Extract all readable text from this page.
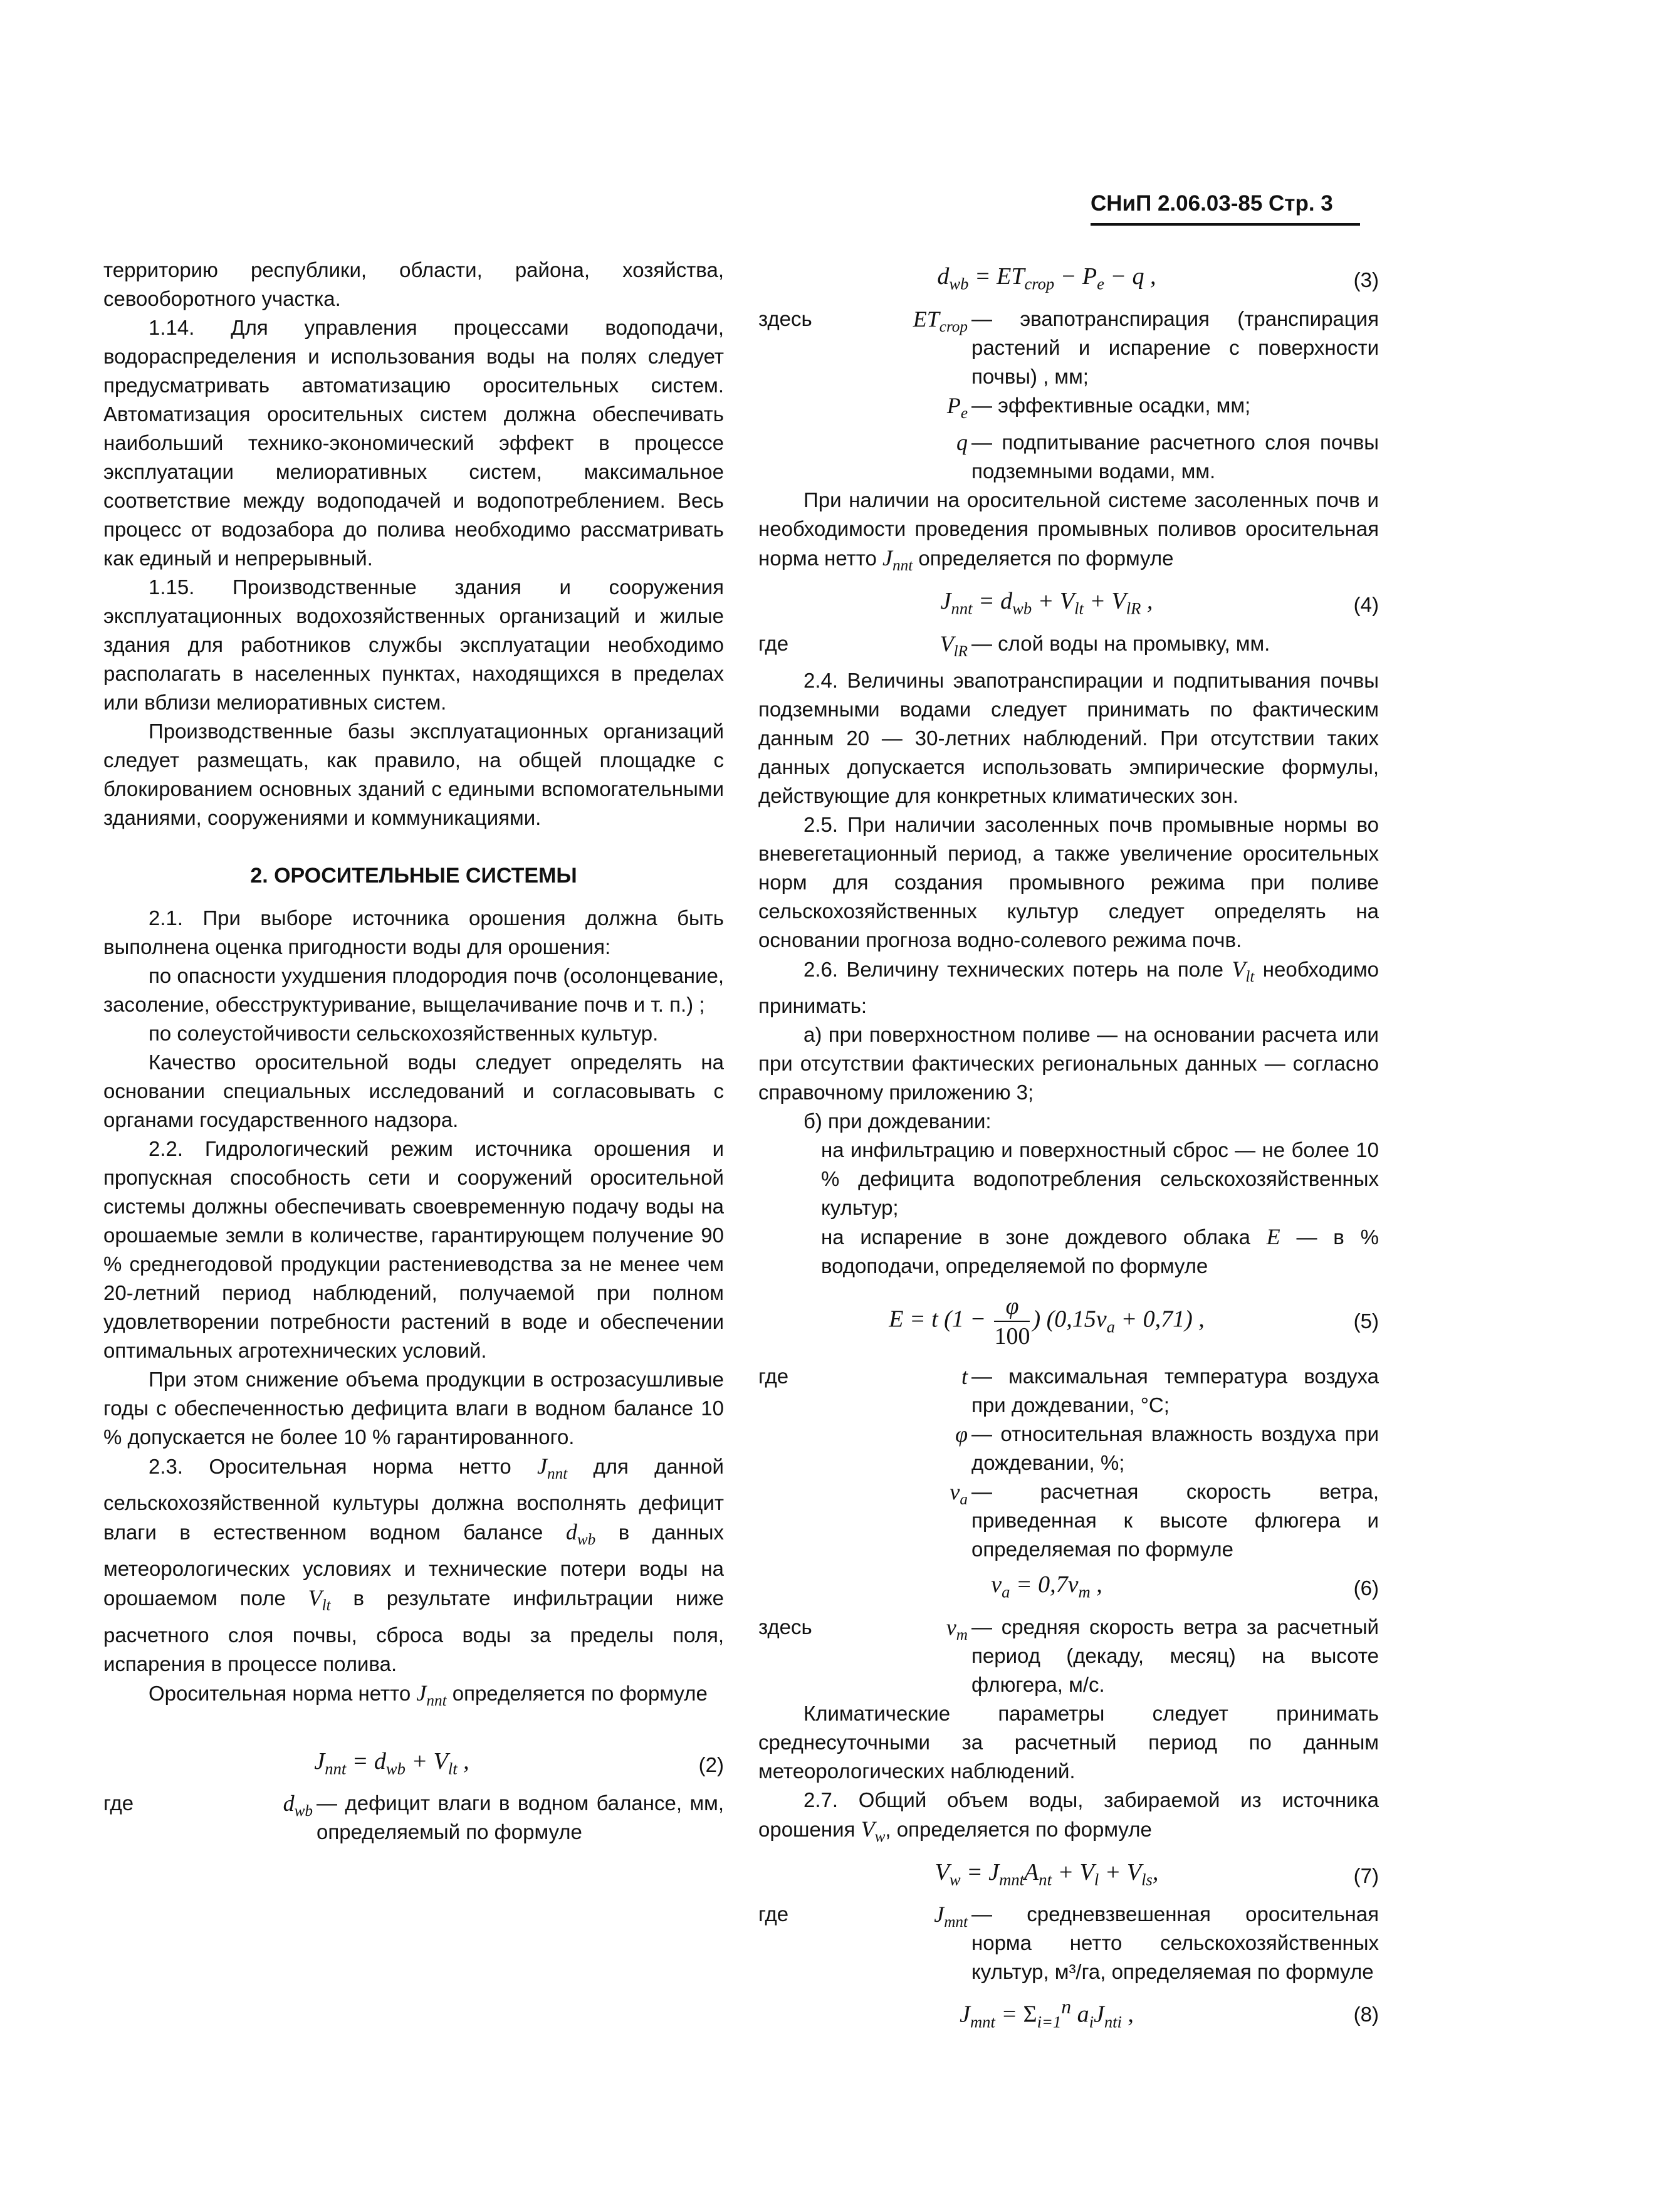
СНиП 2.06.03-85 Стр. 3

территорию республики, области, района, хозяйства, севооборотного участка.

1.14. Для управления процессами водоподачи, водораспределения и использования воды на полях следует предусматривать автоматизацию оросительных систем. Автоматизация оросительных систем должна обеспечивать наибольший технико-экономический эффект в процессе эксплуатации мелиоративных систем, максимальное соответствие между водоподачей и водопотреблением. Весь процесс от водозабора до полива необходимо рассматривать как единый и непрерывный.

1.15. Производственные здания и сооружения эксплуатационных водохозяйственных организаций и жилые здания для работников службы эксплуатации необходимо располагать в населенных пунктах, находящихся в пределах или вблизи мелиоративных систем.

Производственные базы эксплуатационных организаций следует размещать, как правило, на общей площадке с блокированием основных зданий с едиными вспомогательными зданиями, сооружениями и коммуникациями.

2. ОРОСИТЕЛЬНЫЕ СИСТЕМЫ

2.1. При выборе источника орошения должна быть выполнена оценка пригодности воды для орошения:

по опасности ухудшения плодородия почв (осолонцевание, засоление, обесструктуривание, выщелачивание почв и т. п.) ;

по солеустойчивости сельскохозяйственных культур.

Качество оросительной воды следует определять на основании специальных исследований и согласовывать с органами государственного надзора.

2.2. Гидрологический режим источника орошения и пропускная способность сети и сооружений оросительной системы должны обеспечивать своевременную подачу воды на орошаемые земли в количестве, гарантирующем получение 90 % среднегодовой продукции растениеводства за не менее чем 20-летний период наблюдений, получаемой при полном удовлетворении потребности растений в воде и обеспечении оптимальных агротехнических условий.

При этом снижение объема продукции в острозасушливые годы с обеспеченностью дефицита влаги в водном балансе 10 % допускается не более 10 % гарантированного.

2.3. Оросительная норма нетто $J_{nnt}$ для данной сельскохозяйственной культуры должна восполнять дефицит влаги в естественном водном балансе $d_{wb}$ в данных метеорологических условиях и технические потери воды на орошаемом поле $V_{lt}$ в результате инфильтрации ниже расчетного слоя почвы, сброса воды за пределы поля, испарения в процессе полива.

Оросительная норма нетто $J_{nnt}$ определяется по формуле

$J_{nnt} = d_{wb} + V_{lt}$ ,	(2)
где	$d_{wb}$ — дефицит влаги в водном балансе, мм, определяемый по формуле
$d_{wb} = ET_{crop} - P_e - q$ ,	(3)
здесь	$ET_{crop}$ — эвапотранспирация (транспирация растений и испарение с поверхности почвы) , мм;
$P_e$ — эффективные осадки, мм;
q — подпитывание расчетного слоя почвы подземными водами, мм.

При наличии на оросительной системе засоленных почв и необходимости проведения промывных поливов оросительная норма нетто $J_{nnt}$ определяется по формуле

$J_{nnt} = d_{wb} + V_{lt} + V_{lR}$ ,	(4)
где	$V_{lR}$ — слой воды на промывку, мм.

2.4. Величины эвапотранспирации и подпитывания почвы подземными водами следует принимать по фактическим данным 20 — 30-летних наблюдений. При отсутствии таких данных допускается использовать эмпирические формулы, действующие для конкретных климатических зон.

2.5. При наличии засоленных почв промывные нормы во вневегетационный период, а также увеличение оросительных норм для создания промывного режима при поливе сельскохозяйственных культур следует определять на основании прогноза водно-солевого режима почв.

2.6. Величину технических потерь на поле $V_{lt}$ необходимо принимать:

а) при поверхностном поливе — на основании расчета или при отсутствии фактических региональных данных — согласно справочному приложению 3;

б) при дождевании:

на инфильтрацию и поверхностный сброс — не более 10 % дефицита водопотребления сельскохозяйственных культур;

на испарение в зоне дождевого облака E — в % водоподачи, определяемой по формуле

E = t ($1 - \frac{\varphi}{100}$ ) $(0,15v_a + 0,71)$ ,	(5)
где	t — максимальная температура воздуха при дождевании, °С;
φ — относительная влажность воздуха при дождевании, %;
$v_a$ — расчетная скорость ветра, приведенная к высоте флюгера и определяемая по формуле
$v_a = 0,7v_m$ ,	(6)
здесь	$v_m$ — средняя скорость ветра за расчетный период (декаду, месяц) на высоте флюгера, м/с.

Климатические параметры следует принимать среднесуточными за расчетный период по данным метеорологических наблюдений.

2.7. Общий объем воды, забираемой из источника орошения $V_w$, определяется по формуле

$V_w = J_{mnt}A_{nt} + V_l + V_{ls}$,	(7)
где	$J_{mnt}$ — средневзвешенная оросительная норма нетто сельскохозяйственных культур, м³/га, определяемая по формуле
$J_{mnt} = \Sigma_{i=1}^n$ $a_iJ_{nti}$ ,	(8)
